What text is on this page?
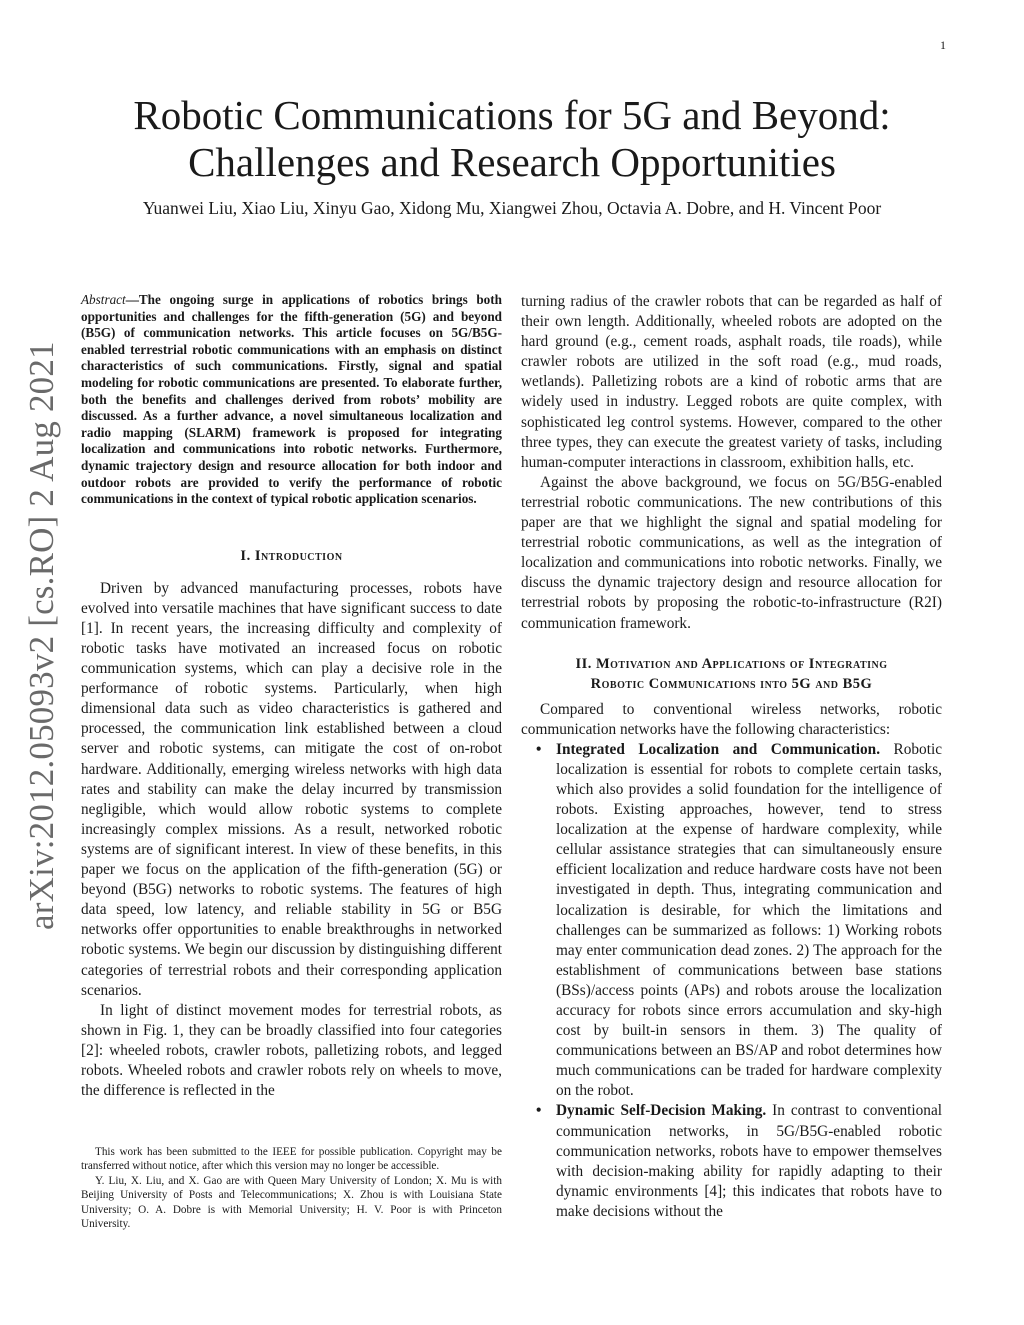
1
arXiv:2012.05093v2 [cs.RO] 2 Aug 2021
Robotic Communications for 5G and Beyond:
Challenges and Research Opportunities
Yuanwei Liu, Xiao Liu, Xinyu Gao, Xidong Mu, Xiangwei Zhou, Octavia A. Dobre, and H. Vincent Poor

Abstract—The ongoing surge in applications of robotics brings both opportunities and challenges for the fifth-generation (5G) and beyond (B5G) of communication networks. This article focuses on 5G/B5G-enabled terrestrial robotic communications with an emphasis on distinct characteristics of such communications. Firstly, signal and spatial modeling for robotic communications are presented. To elaborate further, both the benefits and challenges derived from robots’ mobility are discussed. As a further advance, a novel simultaneous localization and radio mapping (SLARM) framework is proposed for integrating localization and communications into robotic networks. Furthermore, dynamic trajectory design and resource allocation for both indoor and outdoor robots are provided to verify the performance of robotic communications in the context of typical robotic application scenarios.

I. Introduction

Driven by advanced manufacturing processes, robots have evolved into versatile machines that have significant success to date [1]. In recent years, the increasing difficulty and complexity of robotic tasks have motivated an increased focus on robotic communication systems, which can play a decisive role in the performance of robotic systems. Particularly, when high dimensional data such as video characteristics is gathered and processed, the communication link established between a cloud server and robotic systems, can mitigate the cost of on-robot hardware. Additionally, emerging wireless networks with high data rates and stability can make the delay incurred by transmission negligible, which would allow robotic systems to complete increasingly complex missions. As a result, networked robotic systems are of significant interest. In view of these benefits, in this paper we focus on the application of the fifth-generation (5G) or beyond (B5G) networks to robotic systems. The features of high data speed, low latency, and reliable stability in 5G or B5G networks offer opportunities to enable breakthroughs in networked robotic systems. We begin our discussion by distinguishing different categories of terrestrial robots and their corresponding application scenarios.

In light of distinct movement modes for terrestrial robots, as shown in Fig. 1, they can be broadly classified into four categories [2]: wheeled robots, crawler robots, palletizing robots, and legged robots. Wheeled robots and crawler robots rely on wheels to move, the difference is reflected in the

This work has been submitted to the IEEE for possible publication. Copyright may be transferred without notice, after which this version may no longer be accessible.

Y. Liu, X. Liu, and X. Gao are with Queen Mary University of London; X. Mu is with Beijing University of Posts and Telecommunications; X. Zhou is with Louisiana State University; O. A. Dobre is with Memorial University; H. V. Poor is with Princeton University.

turning radius of the crawler robots that can be regarded as half of their own length. Additionally, wheeled robots are adopted on the hard ground (e.g., cement roads, asphalt roads, tile roads), while crawler robots are utilized in the soft road (e.g., mud roads, wetlands). Palletizing robots are a kind of robotic arms that are widely used in industry. Legged robots are quite complex, with sophisticated leg control systems. However, compared to the other three types, they can execute the greatest variety of tasks, including human-computer interactions in classroom, exhibition halls, etc.

Against the above background, we focus on 5G/B5G-enabled terrestrial robotic communications. The new contributions of this paper are that we highlight the signal and spatial modeling for terrestrial robotic communications, as well as the integration of localization and communications into robotic networks. Finally, we discuss the dynamic trajectory design and resource allocation for terrestrial robots by proposing the robotic-to-infrastructure (R2I) communication framework.

II. Motivation and Applications of Integrating
Robotic Communications into 5G and B5G

Compared to conventional wireless networks, robotic communication networks have the following characteristics:

• Integrated Localization and Communication. Robotic localization is essential for robots to complete certain tasks, which also provides a solid foundation for the intelligence of robots. Existing approaches, however, tend to stress localization at the expense of hardware complexity, while cellular assistance strategies that can simultaneously ensure efficient localization and reduce hardware costs have not been investigated in depth. Thus, integrating communication and localization is desirable, for which the limitations and challenges can be summarized as follows: 1) Working robots may enter communication dead zones. 2) The approach for the establishment of communications between base stations (BSs)/access points (APs) and robots arouse the localization accuracy for robots since errors accumulation and sky-high cost by built-in sensors in them. 3) The quality of communications between an BS/AP and robot determines how much communications can be traded for hardware complexity on the robot.
• Dynamic Self-Decision Making. In contrast to conventional communication networks, in 5G/B5G-enabled robotic communication networks, robots have to empower themselves with decision-making ability for rapidly adapting to their dynamic environments [4]; this indicates that robots have to make decisions without the
